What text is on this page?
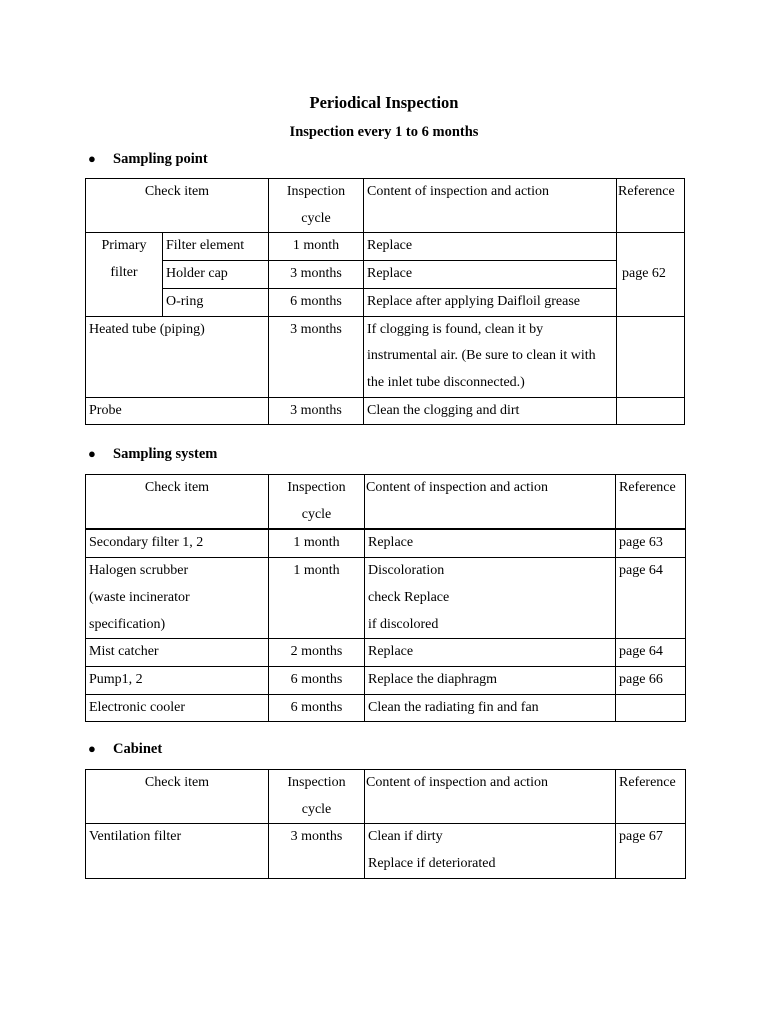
Periodical Inspection
Inspection every 1 to 6 months
● Sampling point
Check item		Inspection
cycle	Content of inspection and action	Reference

Primary
filter	Filter element	1 month	Replace	page 62
	Holder cap	3 months	Replace	
	O-ring	6 months	Replace after applying Daifloil grease	
Heated tube (piping)		3 months	If clogging is found, clean it by
instrumental air. (Be sure to clean it with
the inlet tube disconnected.)	

Probe		3 months	Clean the clogging and dirt	
● Sampling system
Check item	Inspection
cycle	Content of inspection and action	Reference
Secondary filter 1, 2	1 month	Replace	page 63

Halogen scrubber
(waste incinerator
specification)	1 month	Discoloration
check Replace
if discolored	page 64
Mist catcher	2 months	Replace	page 64
Pump1, 2	6 months	Replace the diaphragm	page 66
Electronic cooler	6 months	Clean the radiating fin and fan	
● Cabinet
Check item	Inspection
cycle	Content of inspection and action	Reference
Ventilation filter	3 months	Clean if dirty
Replace if deteriorated	page 67
